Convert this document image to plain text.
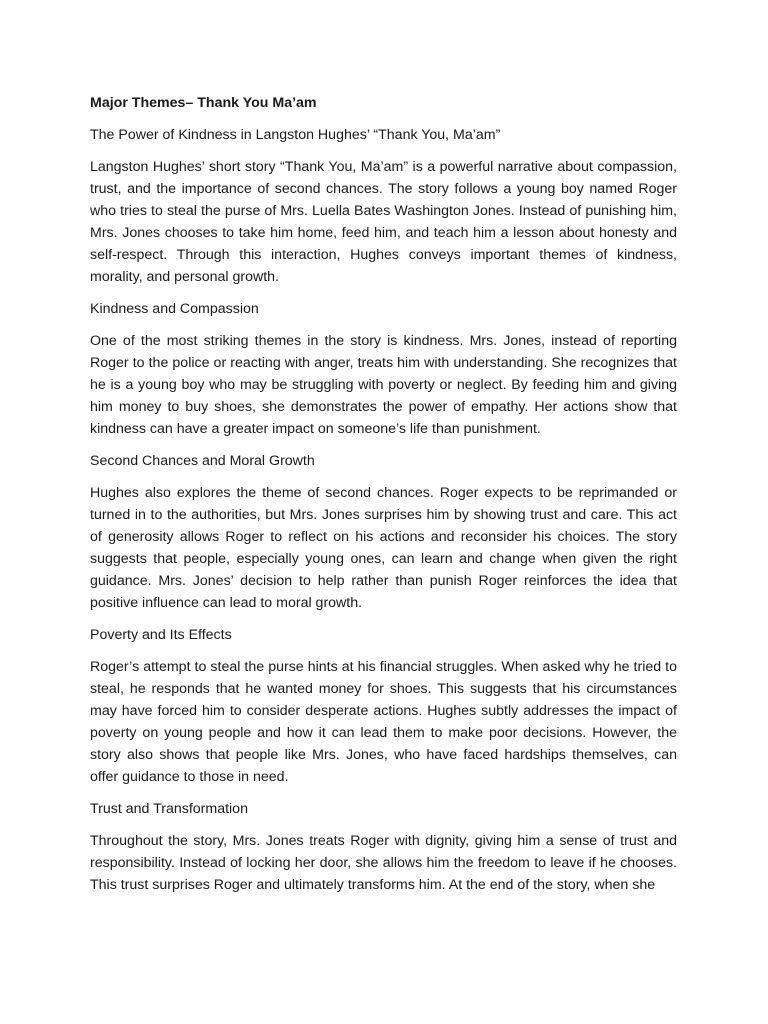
Major Themes– Thank You Ma’am

The Power of Kindness in Langston Hughes’ “Thank You, Ma’am”

Langston Hughes’ short story “Thank You, Ma’am” is a powerful narrative about compassion, trust, and the importance of second chances. The story follows a young boy named Roger who tries to steal the purse of Mrs. Luella Bates Washington Jones. Instead of punishing him, Mrs. Jones chooses to take him home, feed him, and teach him a lesson about honesty and self-respect. Through this interaction, Hughes conveys important themes of kindness, morality, and personal growth.

Kindness and Compassion

One of the most striking themes in the story is kindness. Mrs. Jones, instead of reporting Roger to the police or reacting with anger, treats him with understanding. She recognizes that he is a young boy who may be struggling with poverty or neglect. By feeding him and giving him money to buy shoes, she demonstrates the power of empathy. Her actions show that kindness can have a greater impact on someone’s life than punishment.

Second Chances and Moral Growth

Hughes also explores the theme of second chances. Roger expects to be reprimanded or turned in to the authorities, but Mrs. Jones surprises him by showing trust and care. This act of generosity allows Roger to reflect on his actions and reconsider his choices. The story suggests that people, especially young ones, can learn and change when given the right guidance. Mrs. Jones’ decision to help rather than punish Roger reinforces the idea that positive influence can lead to moral growth.

Poverty and Its Effects

Roger’s attempt to steal the purse hints at his financial struggles. When asked why he tried to steal, he responds that he wanted money for shoes. This suggests that his circumstances may have forced him to consider desperate actions. Hughes subtly addresses the impact of poverty on young people and how it can lead them to make poor decisions. However, the story also shows that people like Mrs. Jones, who have faced hardships themselves, can offer guidance to those in need.

Trust and Transformation

Throughout the story, Mrs. Jones treats Roger with dignity, giving him a sense of trust and responsibility. Instead of locking her door, she allows him the freedom to leave if he chooses. This trust surprises Roger and ultimately transforms him. At the end of the story, when she
